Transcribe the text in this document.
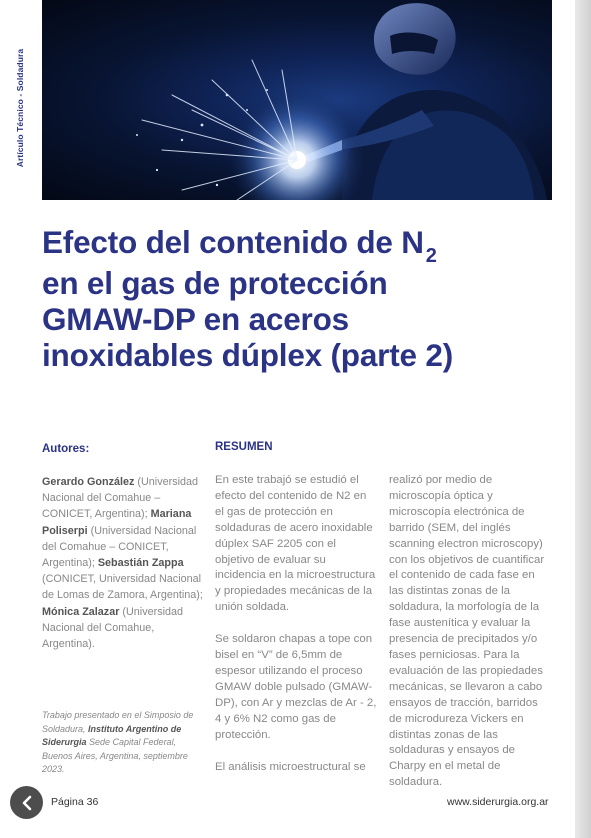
Artículo Técnico - Soldadura
Efecto del contenido de N $_2$
en el gas de protección
GMAW-DP en aceros
inoxidables dúplex (parte 2)
Autores:	RESUMEN
Gerardo González (Universidad Nacional del Comahue – CONICET, Argentina); Mariana Poliserpi (Universidad Nacional del Comahue – CONICET, Argentina); Sebastián Zappa (CONICET, Universidad Nacional de Lomas de Zamora, Argentina); Mónica Zalazar (Universidad Nacional del Comahue, Argentina).
Trabajo presentado en el Simposio de Soldadura, Instituto Argentino de Siderurgia Sede Capital Federal, Buenos Aires, Argentina, septiembre 2023.

En este trabajó se estudió el efecto del contenido de N2 en el gas de protección en soldaduras de acero inoxidable dúplex SAF 2205 con el objetivo de evaluar su incidencia en la microestructura y propiedades mecánicas de la unión soldada.

Se soldaron chapas a tope con bisel en “V” de 6,5mm de espesor utilizando el proceso GMAW doble pulsado (GMAW-DP), con Ar y mezclas de Ar - 2, 4 y 6% N2 como gas de protección.

El análisis microestructural se

realizó por medio de microscopía óptica y microscopía electrónica de barrido (SEM, del inglés scanning electron microscopy) con los objetivos de cuantificar el contenido de cada fase en las distintas zonas de la soldadura, la morfología de la fase austenítica y evaluar la presencia de precipitados y/o fases perniciosas. Para la evaluación de las propiedades mecánicas, se llevaron a cabo ensayos de tracción, barridos de microdureza Vickers en distintas zonas de las soldaduras y ensayos de Charpy en el metal de soldadura.

Página 36	www.siderurgia.org.ar
